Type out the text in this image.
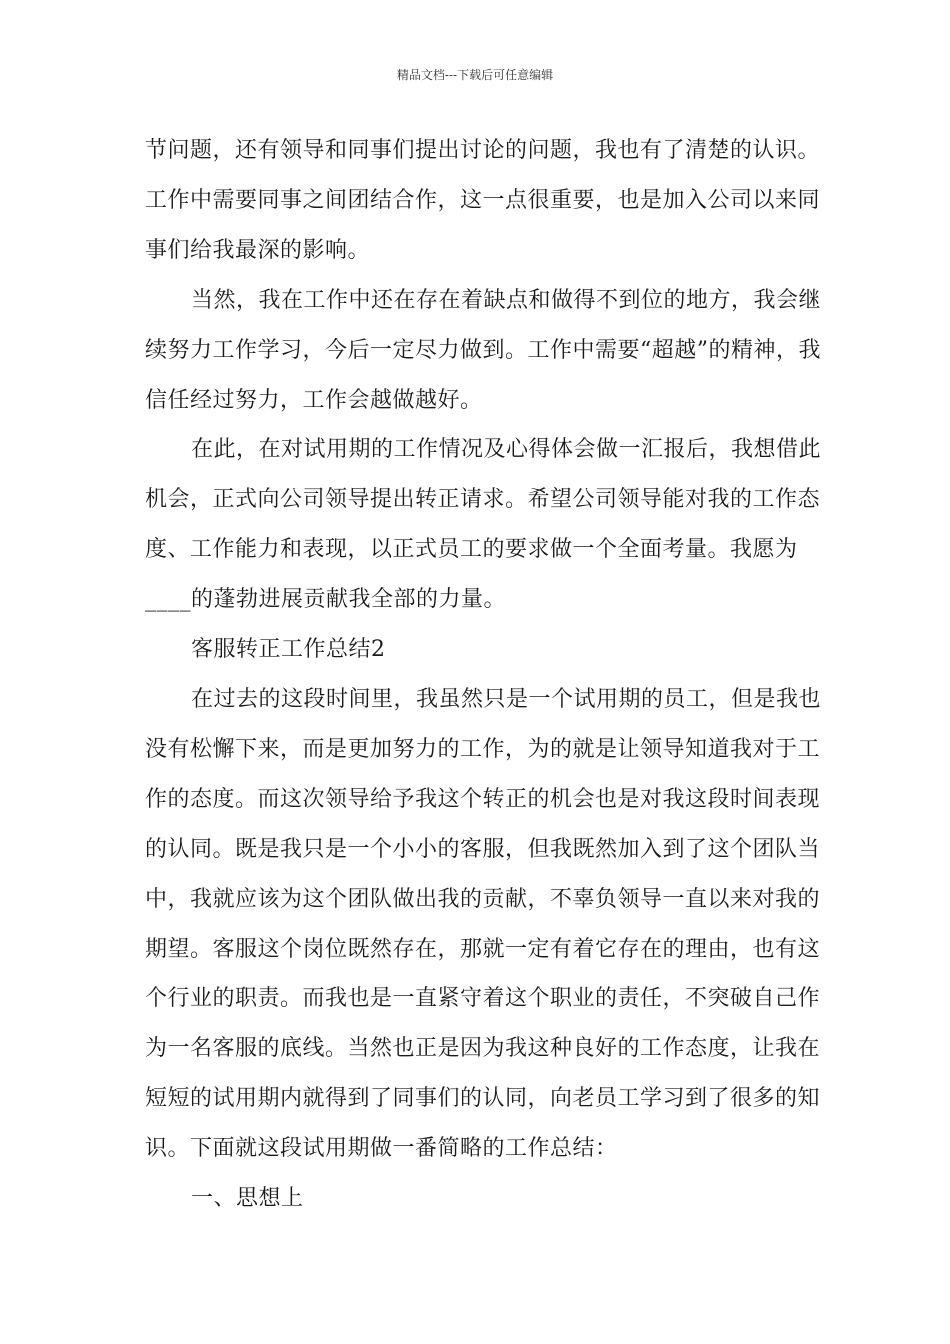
精品文档---下载后可任意编辑

节问题，还有领导和同事们提出讨论的问题，我也有了清楚的认识。工作中需要同事之间团结合作，这一点很重要，也是加入公司以来同事们给我最深的影响。

当然，我在工作中还在存在着缺点和做得不到位的地方，我会继续努力工作学习，今后一定尽力做到。工作中需要“超越”的精神，我信任经过努力，工作会越做越好。

在此，在对试用期的工作情况及心得体会做一汇报后，我想借此机会，正式向公司领导提出转正请求。希望公司领导能对我的工作态度、工作能力和表现，以正式员工的要求做一个全面考量。我愿为____的蓬勃进展贡献我全部的力量。

客服转正工作总结2

在过去的这段时间里，我虽然只是一个试用期的员工，但是我也没有松懈下来，而是更加努力的工作，为的就是让领导知道我对于工作的态度。而这次领导给予我这个转正的机会也是对我这段时间表现的认同。既是我只是一个小小的客服，但我既然加入到了这个团队当中，我就应该为这个团队做出我的贡献，不辜负领导一直以来对我的期望。客服这个岗位既然存在，那就一定有着它存在的理由，也有这个行业的职责。而我也是一直紧守着这个职业的责任，不突破自己作为一名客服的底线。当然也正是因为我这种良好的工作态度，让我在短短的试用期内就得到了同事们的认同，向老员工学习到了很多的知识。下面就这段试用期做一番简略的工作总结：

一、思想上
